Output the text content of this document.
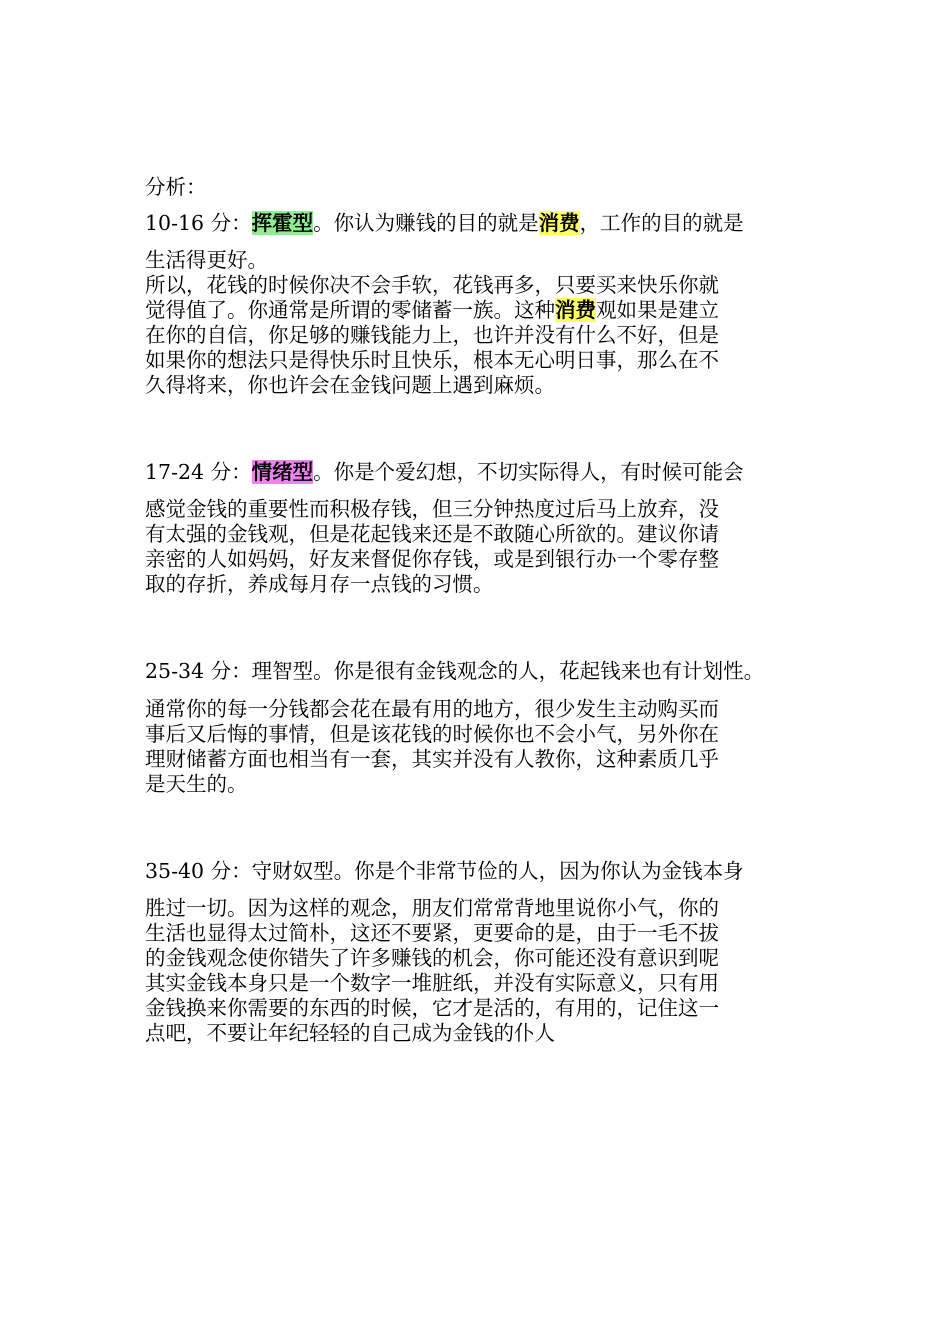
分析：
10-16 分：挥霍型。你认为赚钱的目的就是消费，工作的目的就是
生活得更好。
所以，花钱的时候你决不会手软，花钱再多，只要买来快乐你就
觉得值了。你通常是所谓的零储蓄一族。这种消费观如果是建立
在你的自信，你足够的赚钱能力上，也许并没有什么不好，但是
如果你的想法只是得快乐时且快乐，根本无心明日事，那么在不
久得将来，你也许会在金钱问题上遇到麻烦。
17-24 分：情绪型。你是个爱幻想，不切实际得人，有时候可能会
感觉金钱的重要性而积极存钱，但三分钟热度过后马上放弃，没
有太强的金钱观，但是花起钱来还是不敢随心所欲的。建议你请
亲密的人如妈妈，好友来督促你存钱，或是到银行办一个零存整
取的存折，养成每月存一点钱的习惯。
25-34 分：理智型。你是很有金钱观念的人，花起钱来也有计划性。
通常你的每一分钱都会花在最有用的地方，很少发生主动购买而
事后又后悔的事情，但是该花钱的时候你也不会小气，另外你在
理财储蓄方面也相当有一套，其实并没有人教你，这种素质几乎
是天生的。
35-40 分：守财奴型。你是个非常节俭的人，因为你认为金钱本身
胜过一切。因为这样的观念，朋友们常常背地里说你小气，你的
生活也显得太过简朴，这还不要紧，更要命的是，由于一毛不拔
的金钱观念使你错失了许多赚钱的机会，你可能还没有意识到呢
其实金钱本身只是一个数字一堆脏纸，并没有实际意义，只有用
金钱换来你需要的东西的时候，它才是活的，有用的，记住这一
点吧，不要让年纪轻轻的自己成为金钱的仆人
